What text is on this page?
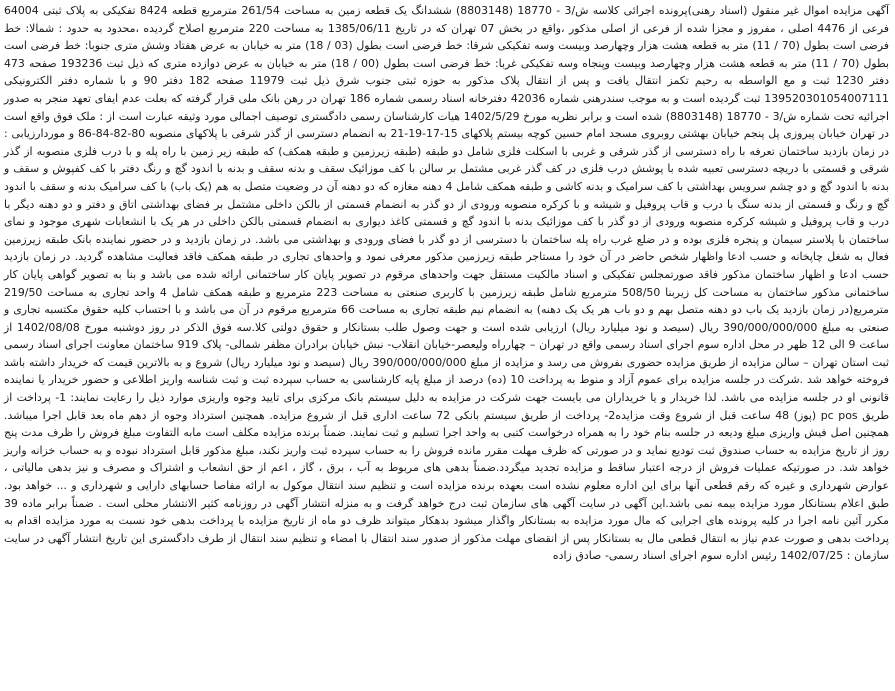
آگهی مزایده اموال غیر منقول (اسناد رهنی)پرونده اجرائی کلاسه ش/3 - 18770 (8803148) ششدانگ یک قطعه زمین به مساحت 261/54 مترمربع قطعه 8424 تفکیکی به پلاک ثبتی 64004 فرعی از 4476 اصلی ، مفروز و مجزا شده از فرعی از اصلی مذکور ،واقع در بخش 07 تهران که در تاریخ 1385/06/11 به مساحت 220 مترمربع اصلاح گردیده ،محدود به حدود : شمالا: خط فرضی است بطول (70 / 11) متر به قطعه هشت هزار وچهارصد وبیست وسه تفکیکی شرقا: خط فرضی است بطول (03 / 18) متر به خیابان به عرض هفتاد وشش متری جنوبا: خط فرضی است بطول (70 / 11) متر به قطعه هشت هزار وچهارصد وبیست وپنجاه وسه تفکیکی غربا: خط فرضی است بطول (00 / 18) متر به خیابان به عرض دوازده متری که ذیل ثبت 193236 صفحه 473 دفتر 1230 ثبت و مع الواسطه به رحیم تکمز انتقال یافت و پس از انتقال پلاک مذکور به حوزه ثبتی جنوب شرق ذیل ثبت 11979 صفحه 182 دفتر 90 و با شماره دفتر الکترونیکی 139520301054007111 ثبت گردیده است و به موجب سندرهنی شماره 42036 دفترخانه اسناد رسمی شماره 186 تهران در رهن بانک ملی قرار گرفته که بعلت عدم ایفای تعهد منجر به صدور اجرائیه تحت شماره ش/3 - 18770 (8803148) شده است و برابر نظریه مورخ 1402/5/29 هیات کارشناسان رسمی دادگستری توصیف اجمالی مورد وثیقه عبارت است از : ملک فوق واقع است در تهران خیابان پیروزی پل پنجم خیابان بهشتی روبروی مسجد امام حسین کوچه بیستم پلاکهای 15-17-19-21 به انضمام دسترسی از گذر شرقی با پلاکهای منصوبه 80-82-84-86 و موردارزیابی : در زمان بازدید ساختمان تعرفه با راه دسترسی از گذر شرقی و غربی با اسکلت فلزی شامل دو طبقه (طبقه زیرزمین و طبقه همکف) که طبقه زیر زمین با راه پله و با درب فلزی منصوبه از گذر شرقی و قسمتی با دریچه دسترسی تعبیه شده با پوشش درب فلزی در کف گذر غربی مشتمل بر سالن با کف موزائیک سقف و بدنه سقف و بدنه با اندود گچ و رنگ دفتر با کف کفپوش و سقف و بدنه با اندود گچ و دو چشم سرویس بهداشتی با کف سرامیک و بدنه کاشی و طبقه همکف شامل 4 دهنه مغازه که دو دهنه آن در وضعیت متصل به هم (یک باب) با کف سرامیک بدنه و سقف با اندود گچ و رنگ و قسمتی از بدنه سنگ با درب و قاب پروفیل و شیشه و با کرکره منصوبه ورودی از دو گذر به انضمام قسمتی از بالکن داخلی مشتمل بر فضای بهداشتی اتاق و دفتر و دو دهنه دیگر با درب و قاب پروفیل و شیشه کرکره منصوبه ورودی از دو گذر با کف موزائیک بدنه با اندود گچ و قسمتی کاغذ دیواری به انضمام قسمتی بالکن داخلی در هر یک با انشعابات شهری موجود و نمای ساختمان با پلاستر سیمان و پنجره فلزی بوده و در ضلع غرب راه پله ساختمان با دسترسی از دو گذر با فضای ورودی و بهداشتی می باشد. در زمان بازدید و در حضور نماینده بانک طبقه زیرزمین فعال به شغل چاپخانه و حسب ادعا واظهار شخص حاضر در آن خود را مستاجر طبقه زیرزمین مذکور معرفی نمود و واحدهای تجاری در طبقه همکف فاقد فعالیت مشاهده گردید. در زمان بازدید حسب ادعا و اظهار ساختمان مذکور فاقد صورتمجلس تفکیکی و اسناد مالکیت مستقل جهت واحدهای مرقوم در تصویر پایان کار ساختمانی ارائه شده می باشد و بنا به تصویر گواهی پایان کار ساختمانی مذکور ساختمان به مساحت کل زیربنا 508/50 مترمربع شامل طبقه زیرزمین با کاربری صنعتی به مساحت 223 مترمربع و طبقه همکف شامل 4 واحد تجاری به مساحت 219/50 مترمربع(در زمان بازدید یک باب دو دهنه متصل بهم و دو باب هر یک یک دهنه) به انضمام نیم طبقه تجاری به مساحت 66 مترمربع مرقوم در آن می باشد و با احتساب کلیه حقوق مکتسبه تجاری و صنعتی به مبلغ 390/000/000/000 ریال (سیصد و نود میلیارد ریال) ارزیابی شده است و جهت وصول طلب بستانکار و حقوق دولتی کلا.سه فوق الذکر در روز دوشنبه مورخ 1402/08/08 از ساعت 9 الی 12 ظهر در محل اداره سوم اجرای اسناد رسمی واقع در تهران – چهارراه ولیعصر-خیابان انقلاب- نبش خیابان برادران مظفر شمالی- پلاک 919 ساختمان معاونت اجرای اسناد رسمی ثبت استان تهران – سالن مزایده از طریق مزایده حضوری بفروش می رسد و مزایده از مبلغ 390/000/000/000 ریال (سیصد و نود میلیارد ریال) شروع و به بالاترین قیمت که خریدار داشته باشد فروخته خواهد شد .شرکت در جلسه مزایده برای عموم آزاد و منوط به پرداخت 10 (ده) درصد از مبلغ پایه کارشناسی به حساب سپرده ثبت و ثبت شناسه واریز اطلاعی و حضور خریدار یا نماینده قانونی او در جلسه مزایده می باشد. لذا خریدار و یا خریداران می بایست جهت شرکت در مزایده به دلیل سیستم بانک مرکزی برای تایید وجوه واریزی موارد ذیل را رعایت نمایند: 1- پرداخت از طریق pc pos (پوز) 48 ساعت قبل از شروع وقت مزایده2- پرداخت از طریق سیستم بانکی 72 ساعت اداری قبل از شروع مزایده. همچنین استرداد وجوه از دهم ماه بعد قابل اجرا میباشد. همچنین اصل فیش واریزی مبلغ ودیعه در جلسه بنام خود را به همراه درخواست کتبی به واحد اجرا تسلیم و ثبت نمایند. ضمناً برنده مزایده مکلف است مابه التفاوت مبلغ فروش را ظرف مدت پنج روز از تاریخ مزایده به حساب صندوق ثبت تودیع نماید و در صورتی که ظرف مهلت مقرر مانده فروش را به حساب سپرده ثبت واریز نکند، مبلغ مذکور قابل استرداد نبوده و به حساب خزانه واریز خواهد شد. در صورتیکه عملیات فروش از درجه اعتبار ساقط و مزایده تجدید میگردد.ضمناً بدهی های مربوط به آب ، برق ، گاز ، اعم از حق انشعاب و اشتراک و مصرف و نیز بدهی مالیاتی ، عوارض شهرداری و غیره که رقم قطعی آنها برای این اداره معلوم نشده است بعهده برنده مزایده است و تنظیم سند انتقال موکول به ارائه مفاصا حسابهای دارایی و شهرداری و ... خواهد بود. طبق اعلام بستانکار مورد مزایده بیمه نمی باشد.این آگهی در سایت آگهی های سازمان ثبت درج خواهد گرفت و به منزله انتشار آگهی در روزنامه کثیر الانتشار محلی است . ضمناً برابر ماده 39 مکرر آئین نامه اجرا در کلیه پرونده های اجرایی که مال مورد مزایده به بستانکار واگذار میشود بدهکار میتواند ظرف دو ماه از تاریخ مزایده با پرداخت بدهی خود نسبت به مورد مزایده اقدام به پرداخت بدهی و صورت عدم نیاز به انتقال قطعی مال به بستانکار پس از انقضای مهلت مذکور از صدور سند انتقال با امضاء و تنظیم سند انتقال از طرف دادگستری این تاریخ انتشار آگهی در سایت سازمان : 1402/07/25 رئیس اداره سوم اجرای اسناد رسمی- صادق زاده
